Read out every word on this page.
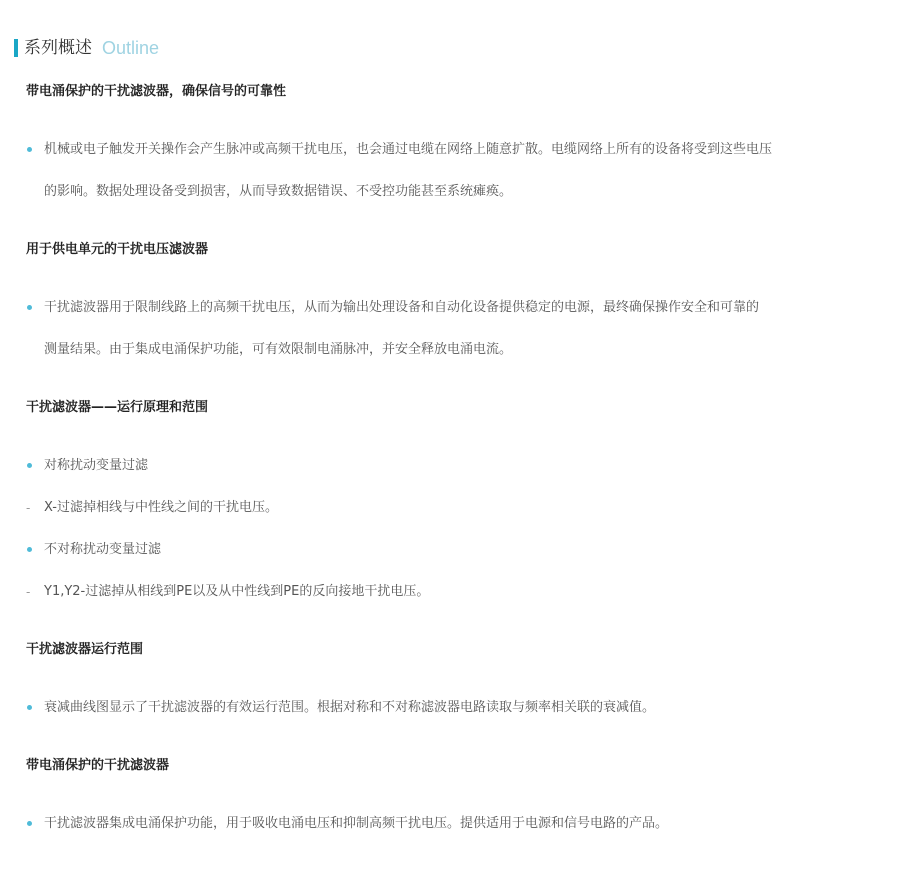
系列概述 Outline
带电涌保护的干扰滤波器，确保信号的可靠性
机械或电子触发开关操作会产生脉冲或高频干扰电压，也会通过电缆在网络上随意扩散。电缆网络上所有的设备将受到这些电压
的影响。数据处理设备受到损害，从而导致数据错误、不受控功能甚至系统瘫痪。
用于供电单元的干扰电压滤波器
干扰滤波器用于限制线路上的高频干扰电压，从而为输出处理设备和自动化设备提供稳定的电源，最终确保操作安全和可靠的
测量结果。由于集成电涌保护功能，可有效限制电涌脉冲，并安全释放电涌电流。
干扰滤波器——运行原理和范围
对称扰动变量过滤
-	X-过滤掉相线与中性线之间的干扰电压。
不对称扰动变量过滤
-	Y1,Y2-过滤掉从相线到PE以及从中性线到PE的反向接地干扰电压。
干扰滤波器运行范围
衰减曲线图显示了干扰滤波器的有效运行范围。根据对称和不对称滤波器电路读取与频率相关联的衰减值。
带电涌保护的干扰滤波器
干扰滤波器集成电涌保护功能，用于吸收电涌电压和抑制高频干扰电压。提供适用于电源和信号电路的产品。
